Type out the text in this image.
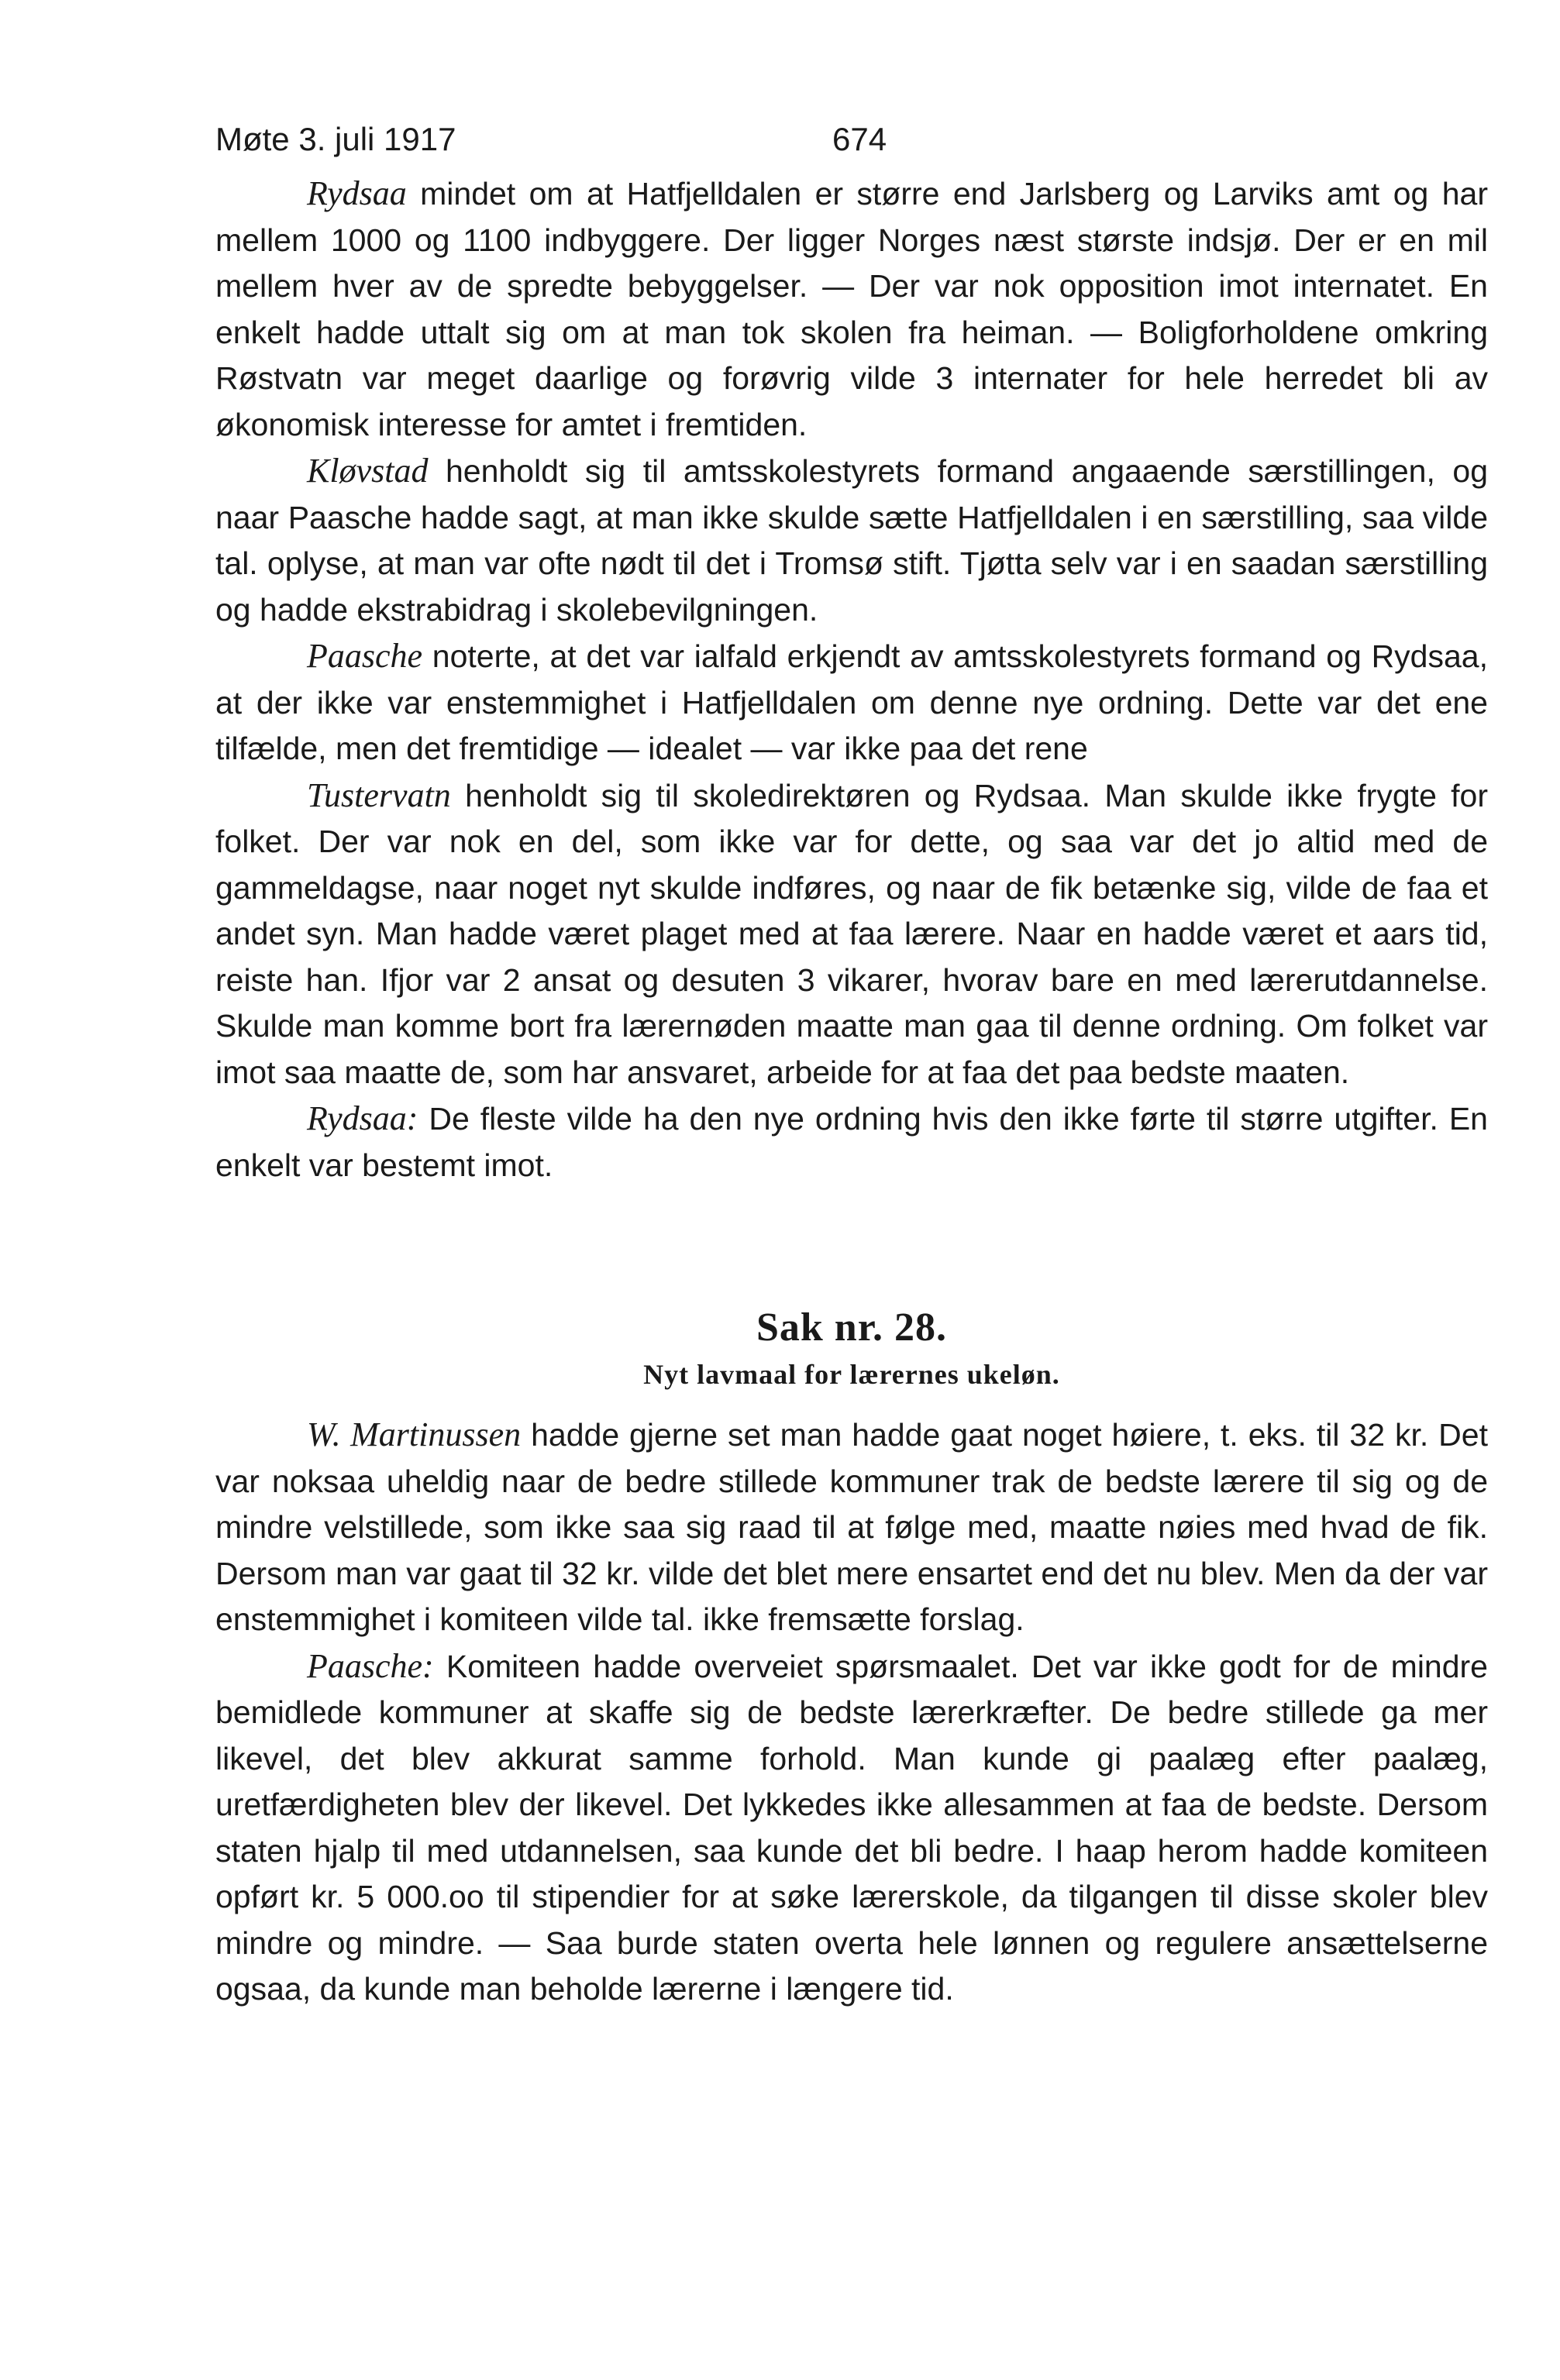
Møte 3. juli 1917	674

Rydsaa mindet om at Hatfjelldalen er større end Jarlsberg og Larviks amt og har mellem 1000 og 1100 indbyggere. Der ligger Norges næst største indsjø. Der er en mil mellem hver av de spredte bebyggelser. — Der var nok opposition imot internatet. En enkelt hadde uttalt sig om at man tok skolen fra heiman. — Boligforholdene omkring Røstvatn var meget daarlige og forøvrig vilde 3 internater for hele herredet bli av økonomisk interesse for amtet i fremtiden.

Kløvstad henholdt sig til amtsskolestyrets formand angaaende særstillingen, og naar Paasche hadde sagt, at man ikke skulde sætte Hatfjelldalen i en særstilling, saa vilde tal. oplyse, at man var ofte nødt til det i Tromsø stift. Tjøtta selv var i en saadan særstilling og hadde ekstrabidrag i skolebevilgningen.

Paasche noterte, at det var ialfald erkjendt av amtsskolestyrets formand og Rydsaa, at der ikke var enstemmighet i Hatfjelldalen om denne nye ordning. Dette var det ene tilfælde, men det fremtidige — idealet — var ikke paa det rene

Tustervatn henholdt sig til skoledirektøren og Rydsaa. Man skulde ikke frygte for folket. Der var nok en del, som ikke var for dette, og saa var det jo altid med de gammeldagse, naar noget nyt skulde indføres, og naar de fik betænke sig, vilde de faa et andet syn. Man hadde været plaget med at faa lærere. Naar en hadde været et aars tid, reiste han. Ifjor var 2 ansat og desuten 3 vikarer, hvorav bare en med lærerutdannelse. Skulde man komme bort fra lærernøden maatte man gaa til denne ordning. Om folket var imot saa maatte de, som har ansvaret, arbeide for at faa det paa bedste maaten.

Rydsaa: De fleste vilde ha den nye ordning hvis den ikke førte til større utgifter. En enkelt var bestemt imot.

Sak nr. 28.
Nyt lavmaal for lærernes ukeløn.

W. Martinussen hadde gjerne set man hadde gaat noget høiere, t. eks. til 32 kr. Det var noksaa uheldig naar de bedre stillede kommuner trak de bedste lærere til sig og de mindre velstillede, som ikke saa sig raad til at følge med, maatte nøies med hvad de fik. Dersom man var gaat til 32 kr. vilde det blet mere ensartet end det nu blev. Men da der var enstemmighet i komiteen vilde tal. ikke fremsætte forslag.

Paasche: Komiteen hadde overveiet spørsmaalet. Det var ikke godt for de mindre bemidlede kommuner at skaffe sig de bedste lærerkræfter. De bedre stillede ga mer likevel, det blev akkurat samme forhold. Man kunde gi paalæg efter paalæg, uretfærdigheten blev der likevel. Det lykkedes ikke allesammen at faa de bedste. Dersom staten hjalp til med utdannelsen, saa kunde det bli bedre. I haap herom hadde komiteen opført kr. 5 000.oo til stipendier for at søke lærerskole, da tilgangen til disse skoler blev mindre og mindre. — Saa burde staten overta hele lønnen og regulere ansættelserne ogsaa, da kunde man beholde lærerne i længere tid.
